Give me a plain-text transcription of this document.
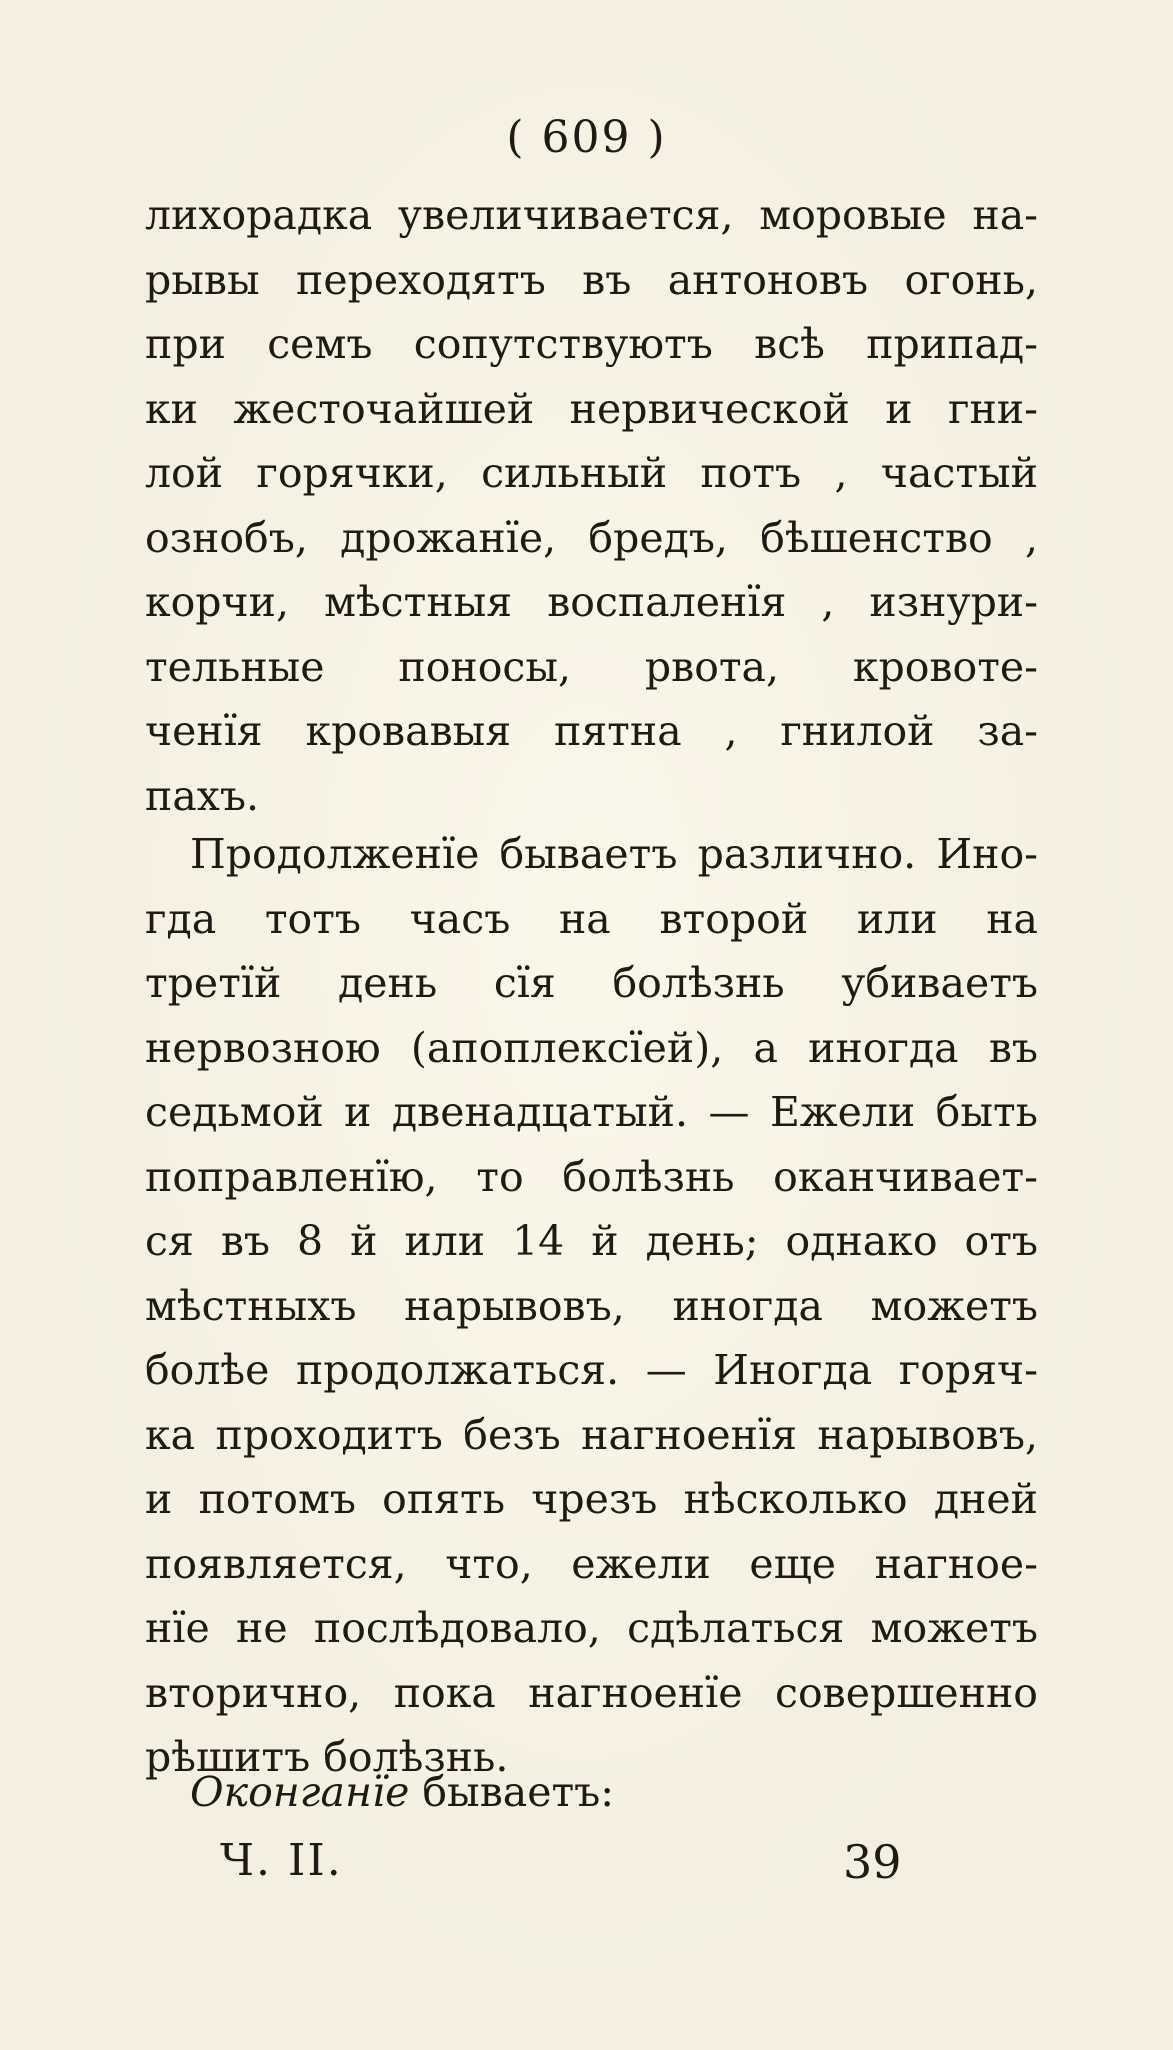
( 609 )
лихорадка увеличивается, моровые на-
рывы переходятъ въ антоновъ огонь,
при семъ сопутствуютъ всѣ припад-
ки жесточайшей нервической и гни-
лой горячки, сильный потъ , частый
ознобъ, дрожанїе, бредъ, бѣшенство ,
корчи, мѣстныя воспаленїя , изнури-
тельные поносы, рвота, кровоте-
ченїя кровавыя пятна , гнилой за-
пахъ.
Продолженїе бываетъ различно. Ино-
гда тотъ часъ на второй или на
третїй день сїя болѣзнь убиваетъ
нервозною (апоплексїей), а иногда въ
седьмой и двенадцатый. — Ежели быть
поправленїю, то болѣзнь оканчивает-
ся въ 8 й или 14 й день; однако отъ
мѣстныхъ нарывовъ, иногда можетъ
болѣе продолжаться. — Иногда горяч-
ка проходитъ безъ нагноенїя нарывовъ,
и потомъ опять чрезъ нѣсколько дней
появляется, что, ежели еще нагное-
нїе не послѣдовало, сдѣлаться можетъ
вторично, пока нагноенїе совершенно
рѣшитъ болѣзнь.
Оконганїе бываетъ:
Ч. II.	39
